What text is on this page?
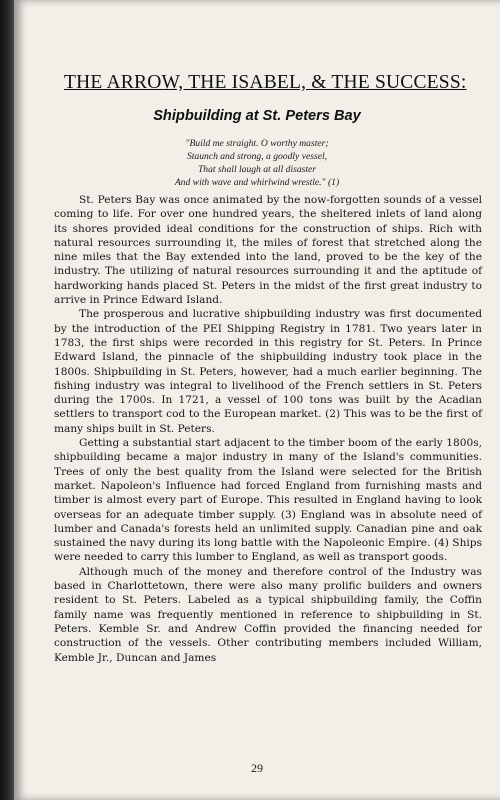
THE ARROW, THE ISABEL, & THE SUCCESS:
Shipbuilding at St. Peters Bay
"Build me straight. O worthy master;
Staunch and strong, a goodly vessel,
That shall laugh at all disaster
And with wave and whirlwind wrestle." (1)

St. Peters Bay was once animated by the now-forgotten sounds of a vessel coming to life. For over one hundred years, the sheltered inlets of land along its shores provided ideal conditions for the construction of ships. Rich with natural resources surrounding it, the miles of forest that stretched along the nine miles that the Bay extended into the land, proved to be the key of the industry. The utilizing of natural resources surrounding it and the aptitude of hardworking hands placed St. Peters in the midst of the first great industry to arrive in Prince Edward Island.

The prosperous and lucrative shipbuilding industry was first documented by the introduction of the PEI Shipping Registry in 1781. Two years later in 1783, the first ships were recorded in this registry for St. Peters. In Prince Edward Island, the pinnacle of the shipbuilding industry took place in the 1800s. Shipbuilding in St. Peters, however, had a much earlier beginning. The fishing industry was integral to livelihood of the French settlers in St. Peters during the 1700s. In 1721, a vessel of 100 tons was built by the Acadian settlers to transport cod to the European market. (2) This was to be the first of many ships built in St. Peters.

Getting a substantial start adjacent to the timber boom of the early 1800s, shipbuilding became a major industry in many of the Island's communities. Trees of only the best quality from the Island were selected for the British market. Napoleon's Influence had forced England from furnishing masts and timber is almost every part of Europe. This resulted in England having to look overseas for an adequate timber supply. (3) England was in absolute need of lumber and Canada's forests held an unlimited supply. Canadian pine and oak sustained the navy during its long battle with the Napoleonic Empire. (4) Ships were needed to carry this lumber to England, as well as transport goods.

Although much of the money and therefore control of the Industry was based in Charlottetown, there were also many prolific builders and owners resident to St. Peters. Labeled as a typical shipbuilding family, the Coffin family name was frequently mentioned in reference to shipbuilding in St. Peters. Kemble Sr. and Andrew Coffin provided the financing needed for construction of the vessels. Other contributing members included William, Kemble Jr., Duncan and James

29
